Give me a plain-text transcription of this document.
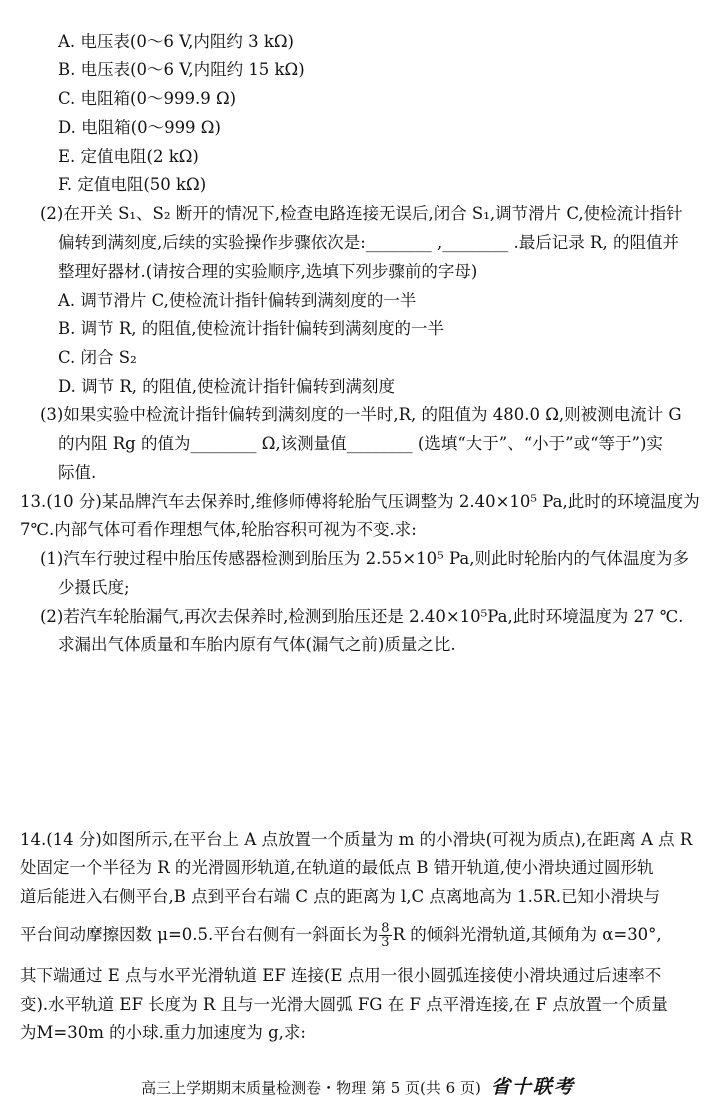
A. 电压表(0～6 V,内阻约 3 kΩ)
B. 电压表(0～6 V,内阻约 15 kΩ)
C. 电阻箱(0～999.9 Ω)
D. 电阻箱(0～999 Ω)
E. 定值电阻(2 kΩ)
F. 定值电阻(50 kΩ)
(2)在开关 S₁、S₂ 断开的情况下,检查电路连接无误后,闭合 S₁,调节滑片 C,使检流计指针
偏转到满刻度,后续的实验操作步骤依次是:________ ,________ .最后记录 R, 的阻值并
整理好器材.(请按合理的实验顺序,选填下列步骤前的字母)
A. 调节滑片 C,使检流计指针偏转到满刻度的一半
B. 调节 R, 的阻值,使检流计指针偏转到满刻度的一半
C. 闭合 S₂
D. 调节 R, 的阻值,使检流计指针偏转到满刻度
(3)如果实验中检流计指针偏转到满刻度的一半时,R, 的阻值为 480.0 Ω,则被测电流计 G
的内阻 Rg 的值为________ Ω,该测量值________ (选填“大于”、“小于”或“等于”)实
际值.
13.(10 分)某品牌汽车去保养时,维修师傅将轮胎气压调整为 2.40×10⁵ Pa,此时的环境温度为
7℃.内部气体可看作理想气体,轮胎容积可视为不变.求:
(1)汽车行驶过程中胎压传感器检测到胎压为 2.55×10⁵ Pa,则此时轮胎内的气体温度为多
少摄氏度;
(2)若汽车轮胎漏气,再次去保养时,检测到胎压还是 2.40×10⁵Pa,此时环境温度为 27 ℃.
求漏出气体质量和车胎内原有气体(漏气之前)质量之比.
14.(14 分)如图所示,在平台上 A 点放置一个质量为 m 的小滑块(可视为质点),在距离 A 点 R
处固定一个半径为 R 的光滑圆形轨道,在轨道的最低点 B 错开轨道,使小滑块通过圆形轨
道后能进入右侧平台,B 点到平台右端 C 点的距离为 l,C 点离地高为 1.5R.已知小滑块与
平台间动摩擦因数 μ=0.5.平台右侧有一斜面长为 $\frac{8}{3}$ R 的倾斜光滑轨道,其倾角为 α=30°,
其下端通过 E 点与水平光滑轨道 EF 连接(E 点用一很小圆弧连接使小滑块通过后速率不
变).水平轨道 EF 长度为 R 且与一光滑大圆弧 FG 在 F 点平滑连接,在 F 点放置一个质量
为M=30m 的小球.重力加速度为 g,求:
高三上学期期末质量检测卷・物理 第 5 页(共 6 页) 省十联考
